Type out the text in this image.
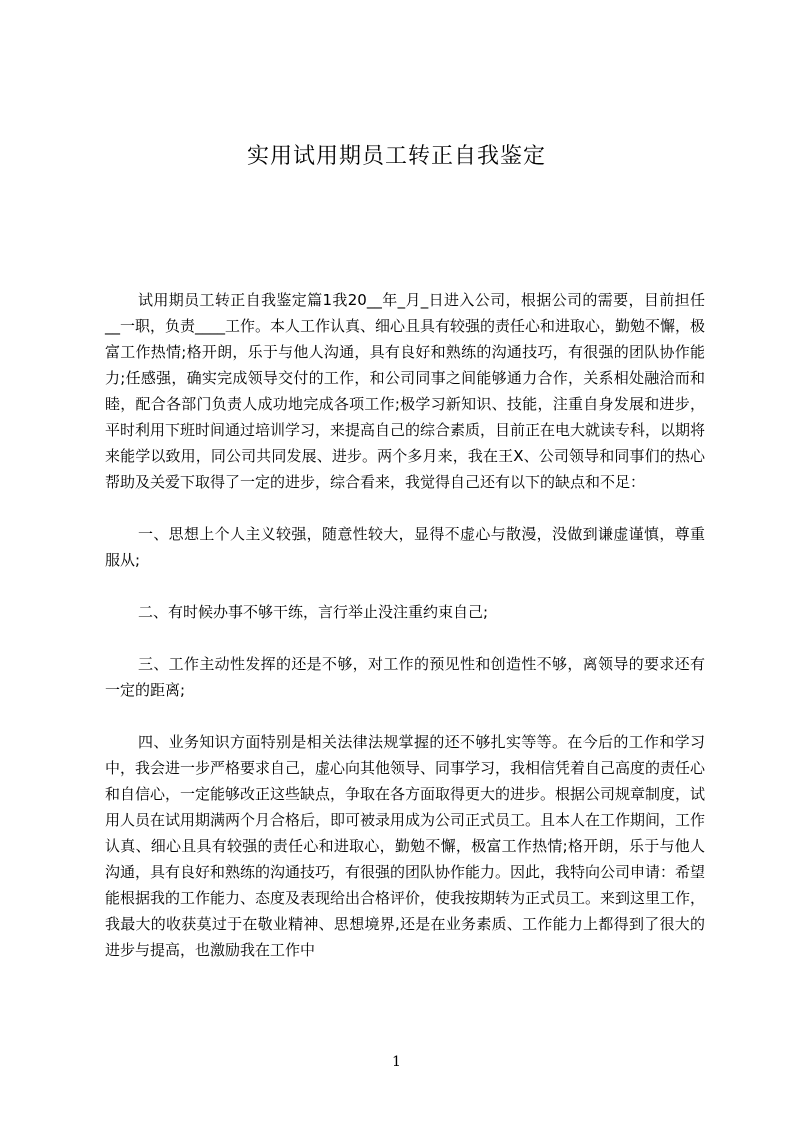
实用试用期员工转正自我鉴定

试用期员工转正自我鉴定篇1我20__年_月_日进入公司，根据公司的需要，目前担任__一职，负责____工作。本人工作认真、细心且具有较强的责任心和进取心，勤勉不懈，极富工作热情;格开朗，乐于与他人沟通，具有良好和熟练的沟通技巧，有很强的团队协作能力;任感强，确实完成领导交付的工作，和公司同事之间能够通力合作，关系相处融洽而和睦，配合各部门负责人成功地完成各项工作;极学习新知识、技能，注重自身发展和进步，平时利用下班时间通过培训学习，来提高自己的综合素质，目前正在电大就读专科，以期将来能学以致用，同公司共同发展、进步。两个多月来，我在王X、公司领导和同事们的热心帮助及关爱下取得了一定的进步，综合看来，我觉得自己还有以下的缺点和不足：

一、思想上个人主义较强，随意性较大，显得不虚心与散漫，没做到谦虚谨慎，尊重服从;

二、有时候办事不够干练，言行举止没注重约束自己;

三、工作主动性发挥的还是不够，对工作的预见性和创造性不够，离领导的要求还有一定的距离;

四、业务知识方面特别是相关法律法规掌握的还不够扎实等等。在今后的工作和学习中，我会进一步严格要求自己，虚心向其他领导、同事学习，我相信凭着自己高度的责任心和自信心，一定能够改正这些缺点，争取在各方面取得更大的进步。根据公司规章制度，试用人员在试用期满两个月合格后，即可被录用成为公司正式员工。且本人在工作期间，工作认真、细心且具有较强的责任心和进取心，勤勉不懈，极富工作热情;格开朗，乐于与他人沟通，具有良好和熟练的沟通技巧，有很强的团队协作能力。因此，我特向公司申请：希望能根据我的工作能力、态度及表现给出合格评价，使我按期转为正式员工。来到这里工作，我最大的收获莫过于在敬业精神、思想境界,还是在业务素质、工作能力上都得到了很大的进步与提高，也激励我在工作中

1
